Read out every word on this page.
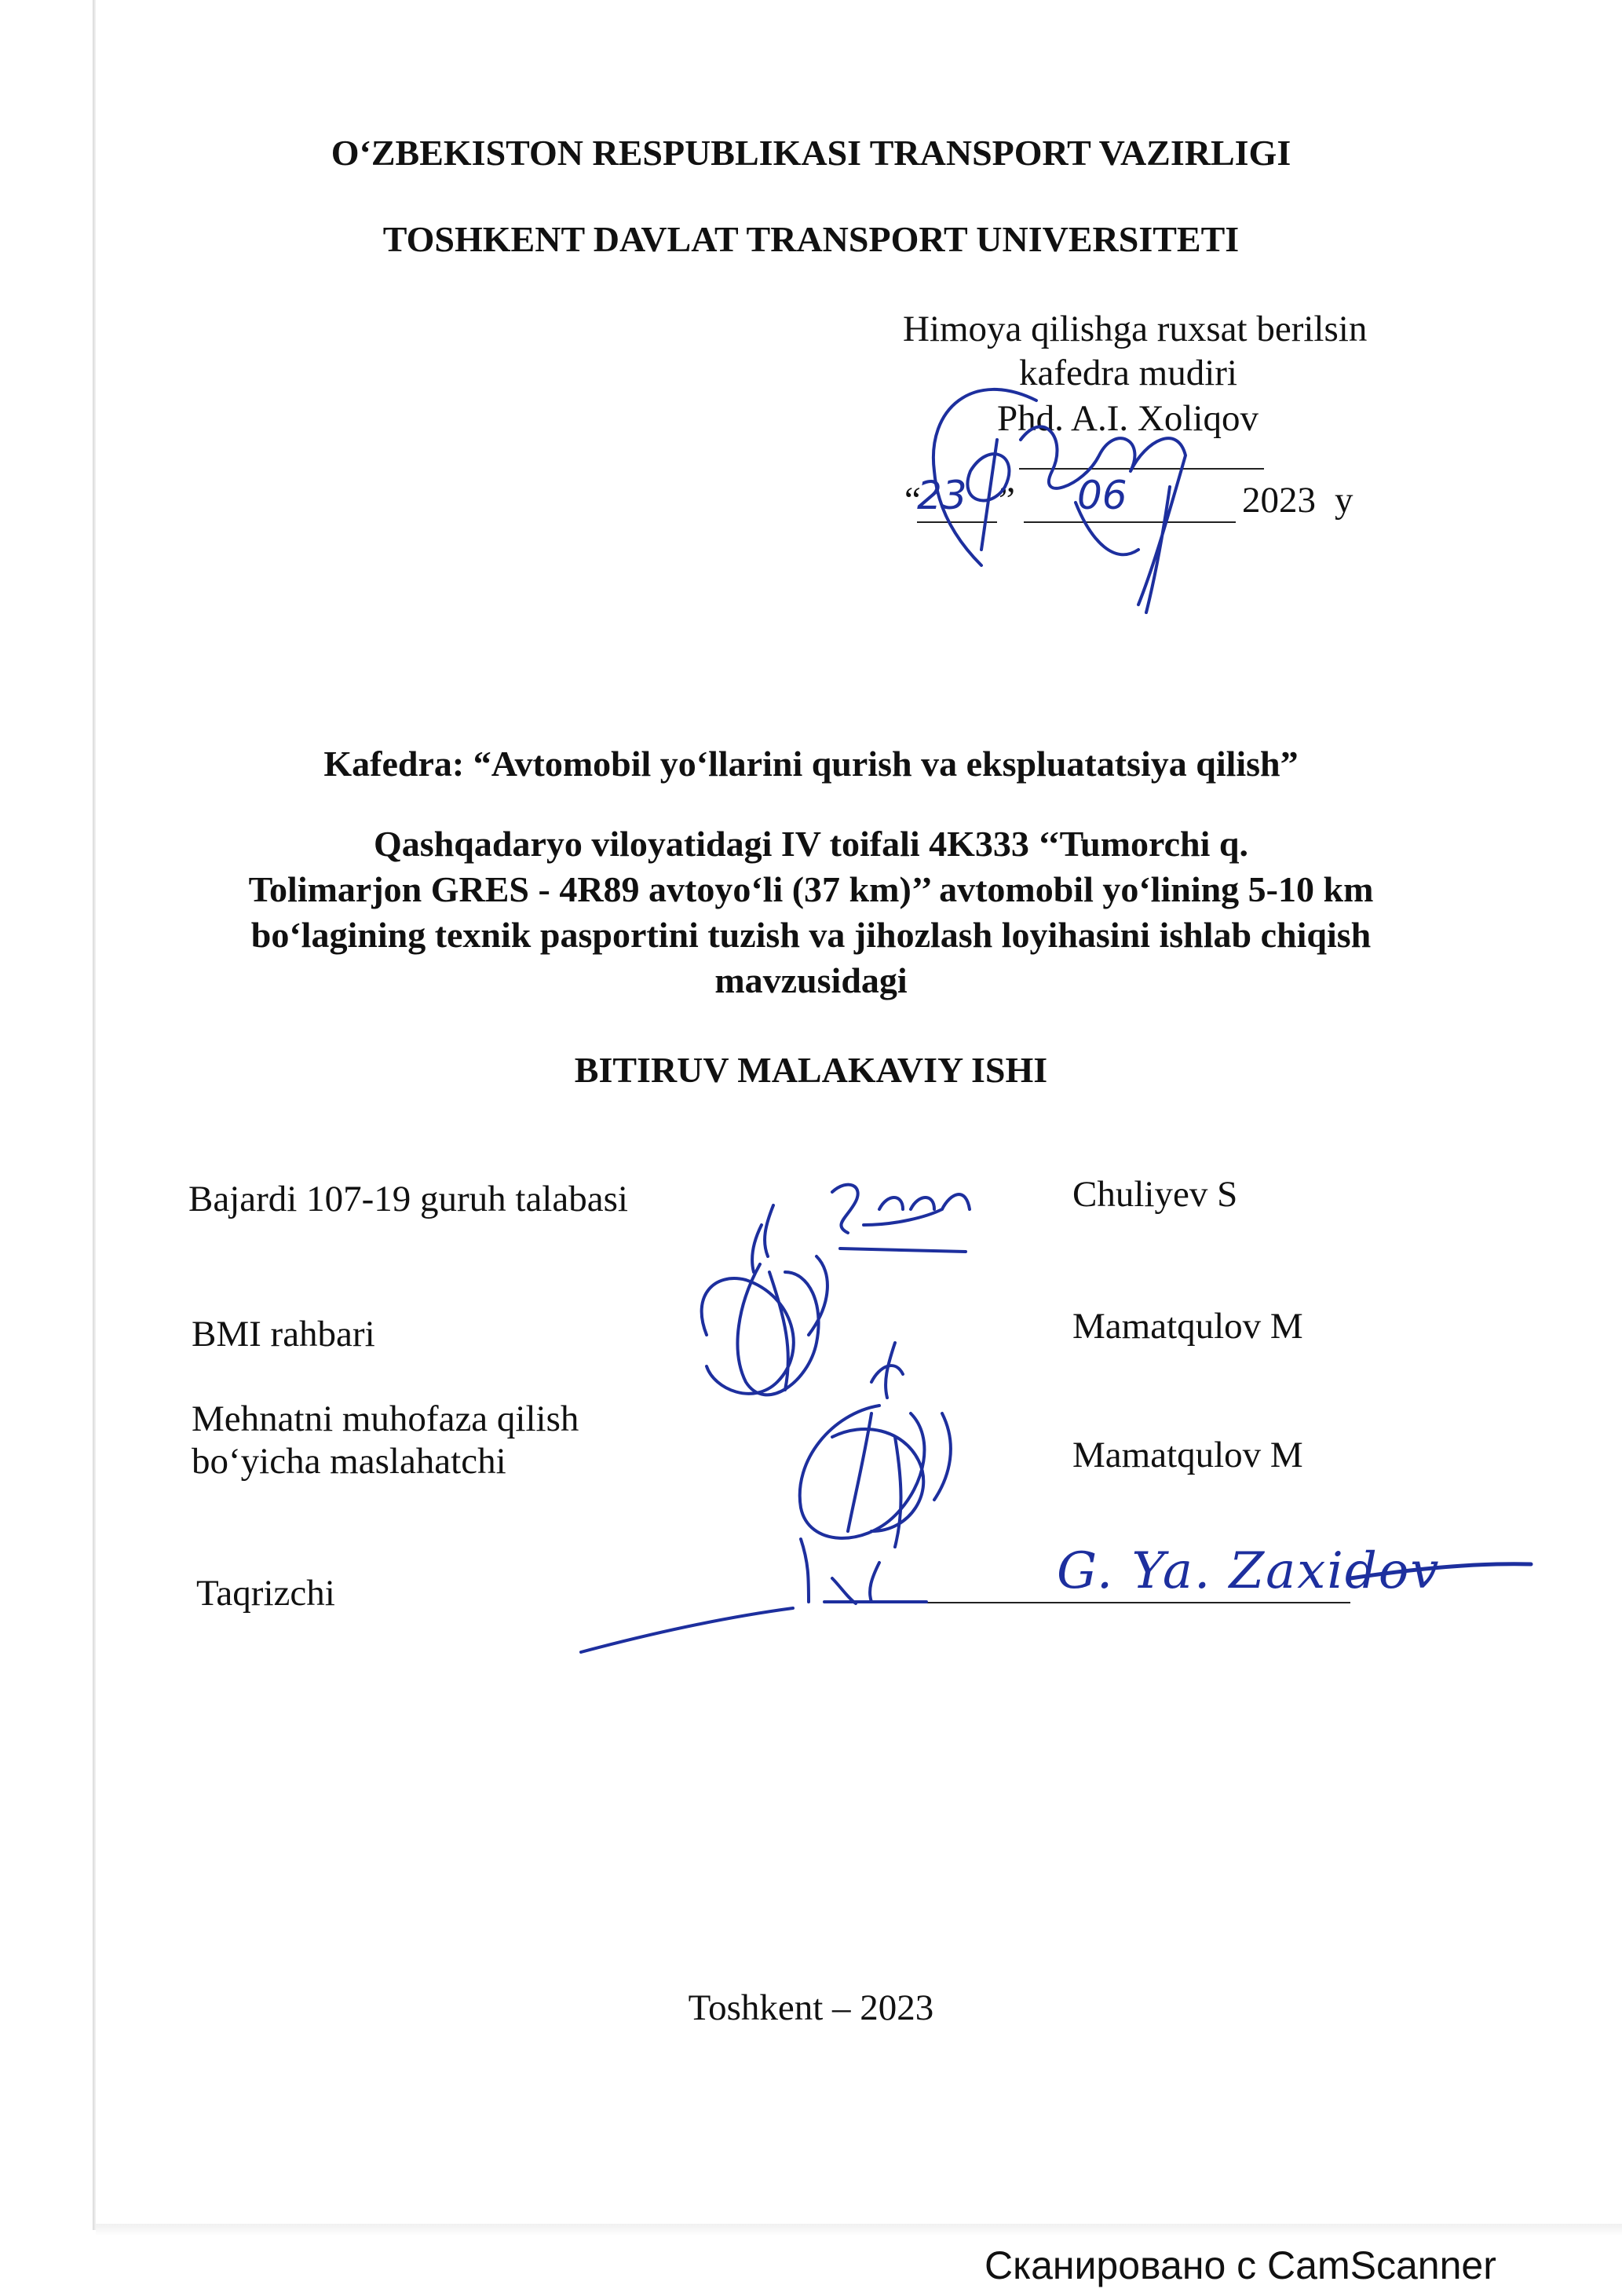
O‘ZBEKISTON RESPUBLIKASI TRANSPORT VAZIRLIGI
TOSHKENT DAVLAT TRANSPORT UNIVERSITETI
Himoya qilishga ruxsat berilsin
kafedra mudiri
Phd. A.I. Xoliqov
“
23 ” 06	2023 y
Kafedra: “Avtomobil yo‘llarini qurish va ekspluatatsiya qilish”
Qashqadaryo viloyatidagi IV toifali 4K333 ‘‘Tumorchi q.
Tolimarjon GRES - 4R89 avtoyo‘li (37 km)’’ avtomobil yo‘lining 5-10 km
bo‘lagining texnik pasportini tuzish va jihozlash loyihasini ishlab chiqish
mavzusidagi
BITIRUV MALAKAVIY ISHI
Bajardi 107-19 guruh talabasi	Chuliyev S
BMI rahbari	Mamatqulov M
Mehnatni muhofaza qilish
bo‘yicha maslahatchi	Mamatqulov M
Taqrizchi	G. Ya. Zaxidov
Toshkent – 2023
Сканировано с CamScanner
